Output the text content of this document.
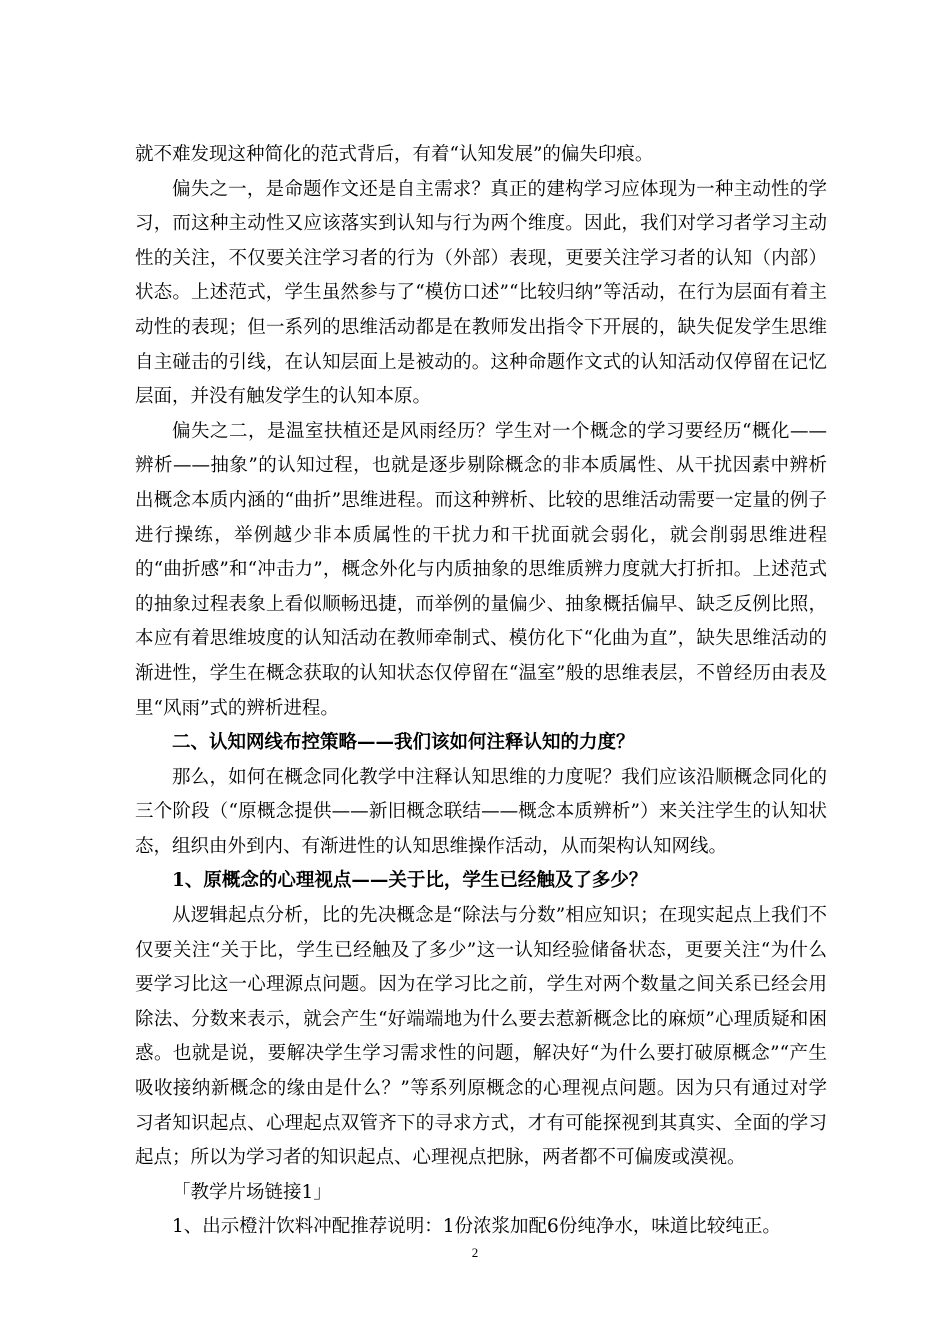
就不难发现这种简化的范式背后，有着“认知发展”的偏失印痕。

偏失之一，是命题作文还是自主需求？真正的建构学习应体现为一种主动性的学习，而这种主动性又应该落实到认知与行为两个维度。因此，我们对学习者学习主动性的关注，不仅要关注学习者的行为（外部）表现，更要关注学习者的认知（内部）状态。上述范式，学生虽然参与了“模仿口述”“比较归纳”等活动，在行为层面有着主动性的表现；但一系列的思维活动都是在教师发出指令下开展的，缺失促发学生思维自主碰击的引线，在认知层面上是被动的。这种命题作文式的认知活动仅停留在记忆层面，并没有触发学生的认知本原。

偏失之二，是温室扶植还是风雨经历？学生对一个概念的学习要经历“概化——辨析——抽象”的认知过程，也就是逐步剔除概念的非本质属性、从干扰因素中辨析出概念本质内涵的“曲折”思维进程。而这种辨析、比较的思维活动需要一定量的例子进行操练，举例越少非本质属性的干扰力和干扰面就会弱化，就会削弱思维进程的“曲折感”和“冲击力”，概念外化与内质抽象的思维质辨力度就大打折扣。上述范式的抽象过程表象上看似顺畅迅捷，而举例的量偏少、抽象概括偏早、缺乏反例比照，本应有着思维坡度的认知活动在教师牵制式、模仿化下“化曲为直”，缺失思维活动的渐进性，学生在概念获取的认知状态仅停留在“温室”般的思维表层，不曾经历由表及里“风雨”式的辨析进程。

二、认知网线布控策略——我们该如何注释认知的力度？

那么，如何在概念同化教学中注释认知思维的力度呢？我们应该沿顺概念同化的三个阶段（“原概念提供——新旧概念联结——概念本质辨析”）来关注学生的认知状态，组织由外到内、有渐进性的认知思维操作活动，从而架构认知网线。

1、原概念的心理视点——关于比，学生已经触及了多少？

从逻辑起点分析，比的先决概念是“除法与分数”相应知识；在现实起点上我们不仅要关注“关于比，学生已经触及了多少”这一认知经验储备状态，更要关注“为什么要学习比这一心理源点问题。因为在学习比之前，学生对两个数量之间关系已经会用除法、分数来表示，就会产生“好端端地为什么要去惹新概念比的麻烦”心理质疑和困惑。也就是说，要解决学生学习需求性的问题，解决好“为什么要打破原概念”“产生吸收接纳新概念的缘由是什么？”等系列原概念的心理视点问题。因为只有通过对学习者知识起点、心理起点双管齐下的寻求方式，才有可能探视到其真实、全面的学习起点；所以为学习者的知识起点、心理视点把脉，两者都不可偏废或漠视。

「教学片场链接1」

1、出示橙汁饮料冲配推荐说明：1份浓浆加配6份纯净水，味道比较纯正。

2
